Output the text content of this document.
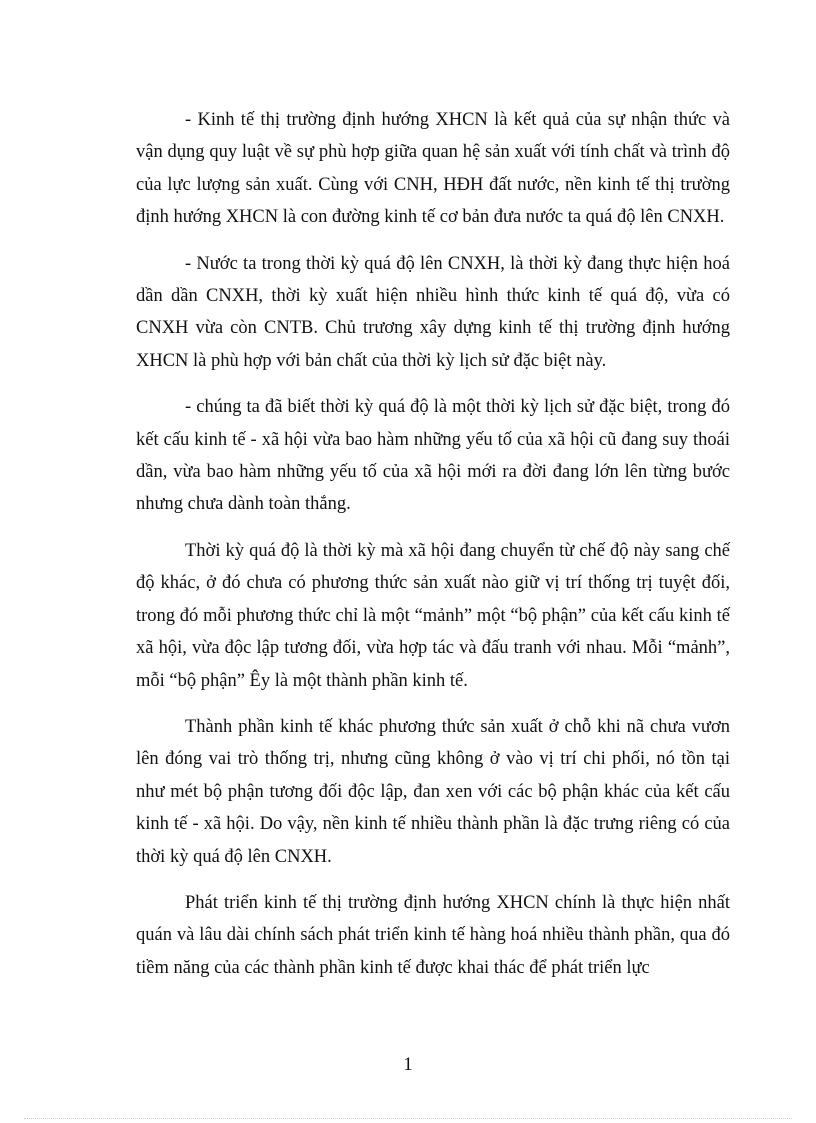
- Kinh tế thị trường định hướng XHCN là kết quả của sự nhận thức và vận dụng quy luật về sự phù hợp giữa quan hệ sản xuất với tính chất và trình độ của lực lượng sản xuất. Cùng với CNH, HĐH đất nước, nền kinh tế thị trường định hướng XHCN là con đường kinh tế cơ bản đưa nước ta quá độ lên CNXH.

- Nước ta trong thời kỳ quá độ lên CNXH, là thời kỳ đang thực hiện hoá dần dần CNXH, thời kỳ xuất hiện nhiều hình thức kinh tế quá độ, vừa có CNXH vừa còn CNTB. Chủ trương xây dựng kinh tế thị trường định hướng XHCN là phù hợp với bản chất của thời kỳ lịch sử đặc biệt này.

- chúng ta đã biết thời kỳ quá độ là một thời kỳ lịch sử đặc biệt, trong đó kết cấu kinh tế - xã hội vừa bao hàm những yếu tố của xã hội cũ đang suy thoái dần, vừa bao hàm những yếu tố của xã hội mới ra đời đang lớn lên từng bước nhưng chưa dành toàn thắng.

Thời kỳ quá độ là thời kỳ mà xã hội đang chuyển từ chế độ này sang chế độ khác, ở đó chưa có phương thức sản xuất nào giữ vị trí thống trị tuyệt đối, trong đó mỗi phương thức chỉ là một “mảnh” một “bộ phận” của kết cấu kinh tế xã hội, vừa độc lập tương đối, vừa hợp tác và đấu tranh với nhau. Mỗi “mảnh”, mỗi “bộ phận” Êy là một thành phần kinh tế.

Thành phần kinh tế khác phương thức sản xuất ở chỗ khi nã chưa vươn lên đóng vai trò thống trị, nhưng cũng không ở vào vị trí chi phối, nó tồn tại như mét bộ phận tương đối độc lập, đan xen với các bộ phận khác của kết cấu kinh tế - xã hội. Do vậy, nền kinh tế nhiều thành phần là đặc trưng riêng có của thời kỳ quá độ lên CNXH.

Phát triển kinh tế thị trường định hướng XHCN chính là thực hiện nhất quán và lâu dài chính sách phát triển kinh tế hàng hoá nhiều thành phần, qua đó tiềm năng của các thành phần kinh tế được khai thác để phát triển lực

1
